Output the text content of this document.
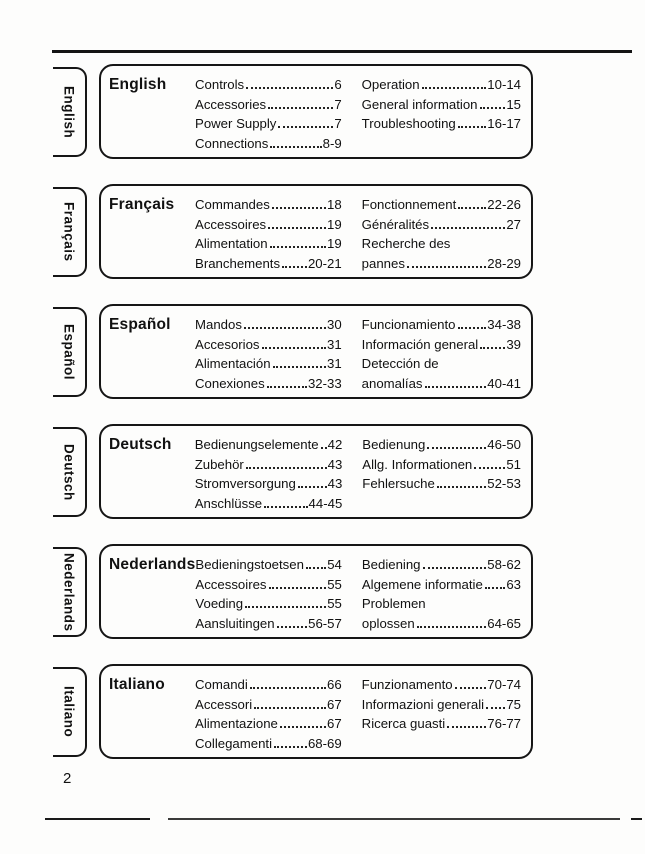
English
English	Controls	6
Accessories	7
Power Supply	7
Connections	8-9
Operation	10-14
General information 15
Troubleshooting 16-17
Français Français	Commandes	18
Accessoires	19
Alimentation	19
Branchements 20-21
Fonctionnement 22-26
Généralités	27
Recherche des
pannes	28-29
Español Español	Mandos	30
Accesorios	31
Alimentación	31
Conexiones	32-33
Funcionamiento 34-38
Información general 39
Detección de
anomalías	40-41
Deutsch Deutsch	Bedienungselemente 42
Zubehör	43
Stromversorgung 43
Anschlüsse	44-45
Bedienung	46-50
Allg. Informationen	51
Fehlersuche	52-53
Nederlands Nederlands Bedieningstoetsen 54
Accessoires	55
Voeding	55
Aansluitingen	56-57
Bediening	58-62
Algemene informatie 63
Problemen
oplossen	64-65
Italiano
Italiano	Comandi	66
Accessori	67
Alimentazione	67
Collegamenti	68-69
Funzionamento	70-74
Informazioni generali 75
Ricerca guasti	76-77
2
